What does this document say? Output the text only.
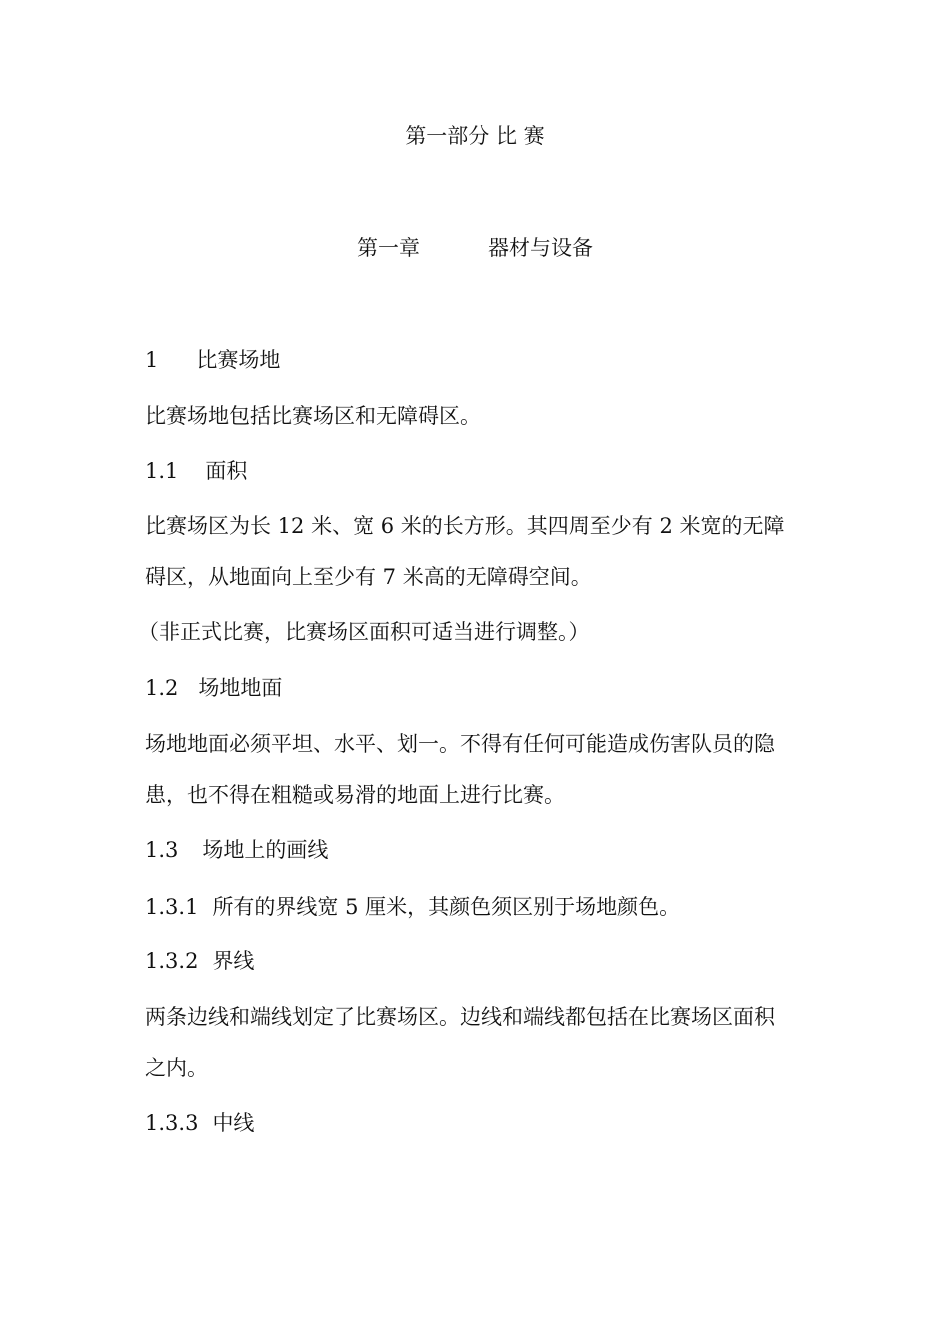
第一部分 比 赛
第一章	器材与设备
1 比赛场地
比赛场地包括比赛场区和无障碍区。
1.1 面积
比赛场区为长 12 米、宽 6 米的长方形。其四周至少有 2 米宽的无障
碍区，从地面向上至少有 7 米高的无障碍空间。
（非正式比赛，比赛场区面积可适当进行调整。）
1.2 场地地面
场地地面必须平坦、水平、划一。不得有任何可能造成伤害队员的隐
患，也不得在粗糙或易滑的地面上进行比赛。
1.3 场地上的画线
1.3.1 所有的界线宽 5 厘米，其颜色须区别于场地颜色。
1.3.2 界线
两条边线和端线划定了比赛场区。边线和端线都包括在比赛场区面积
之内。
1.3.3 中线
